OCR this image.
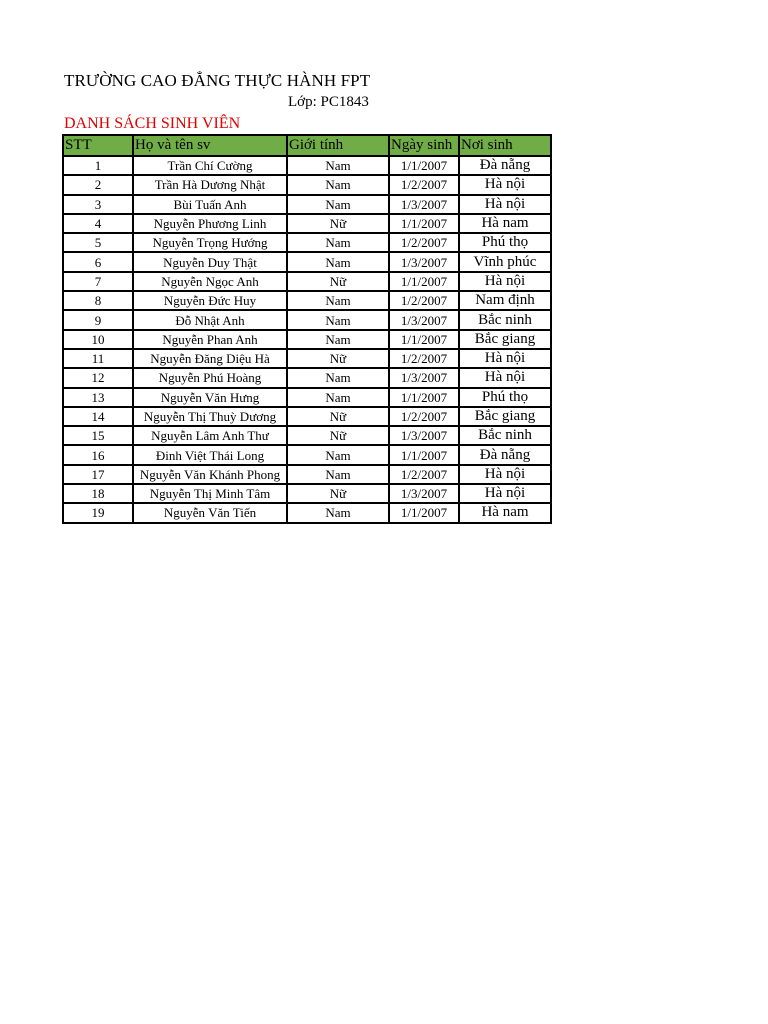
TRƯỜNG CAO ĐẲNG THỰC HÀNH FPT
Lớp: PC1843
DANH SÁCH SINH VIÊN
STT	Họ và tên sv	Giới tính	Ngày sinh	Nơi sinh
1	Trần Chí Cường	Nam	1/1/2007	Đà nẵng
2	Trần Hà Dương Nhật	Nam	1/2/2007	Hà nội
3	Bùi Tuấn Anh	Nam	1/3/2007	Hà nội
4	Nguyễn Phương Linh	Nữ	1/1/2007	Hà nam
5	Nguyễn Trọng Hướng	Nam	1/2/2007	Phú thọ
6	Nguyễn Duy Thật	Nam	1/3/2007	Vĩnh phúc
7	Nguyễn Ngọc Anh	Nữ	1/1/2007	Hà nội
8	Nguyễn Đức Huy	Nam	1/2/2007	Nam định
9	Đỗ Nhật Anh	Nam	1/3/2007	Bắc ninh
10	Nguyễn Phan Anh	Nam	1/1/2007	Bắc giang
11	Nguyễn Đăng Diệu Hà	Nữ	1/2/2007	Hà nội
12	Nguyễn Phú Hoàng	Nam	1/3/2007	Hà nội
13	Nguyễn Văn Hưng	Nam	1/1/2007	Phú thọ
14	Nguyễn Thị Thuỳ Dương	Nữ	1/2/2007	Bắc giang
15	Nguyễn Lâm Anh Thư	Nữ	1/3/2007	Bắc ninh
16	Đinh Việt Thái Long	Nam	1/1/2007	Đà nẵng
17	Nguyễn Văn Khánh Phong	Nam	1/2/2007	Hà nội
18	Nguyễn Thị Minh Tâm	Nữ	1/3/2007	Hà nội
19	Nguyễn Văn Tiến	Nam	1/1/2007	Hà nam
